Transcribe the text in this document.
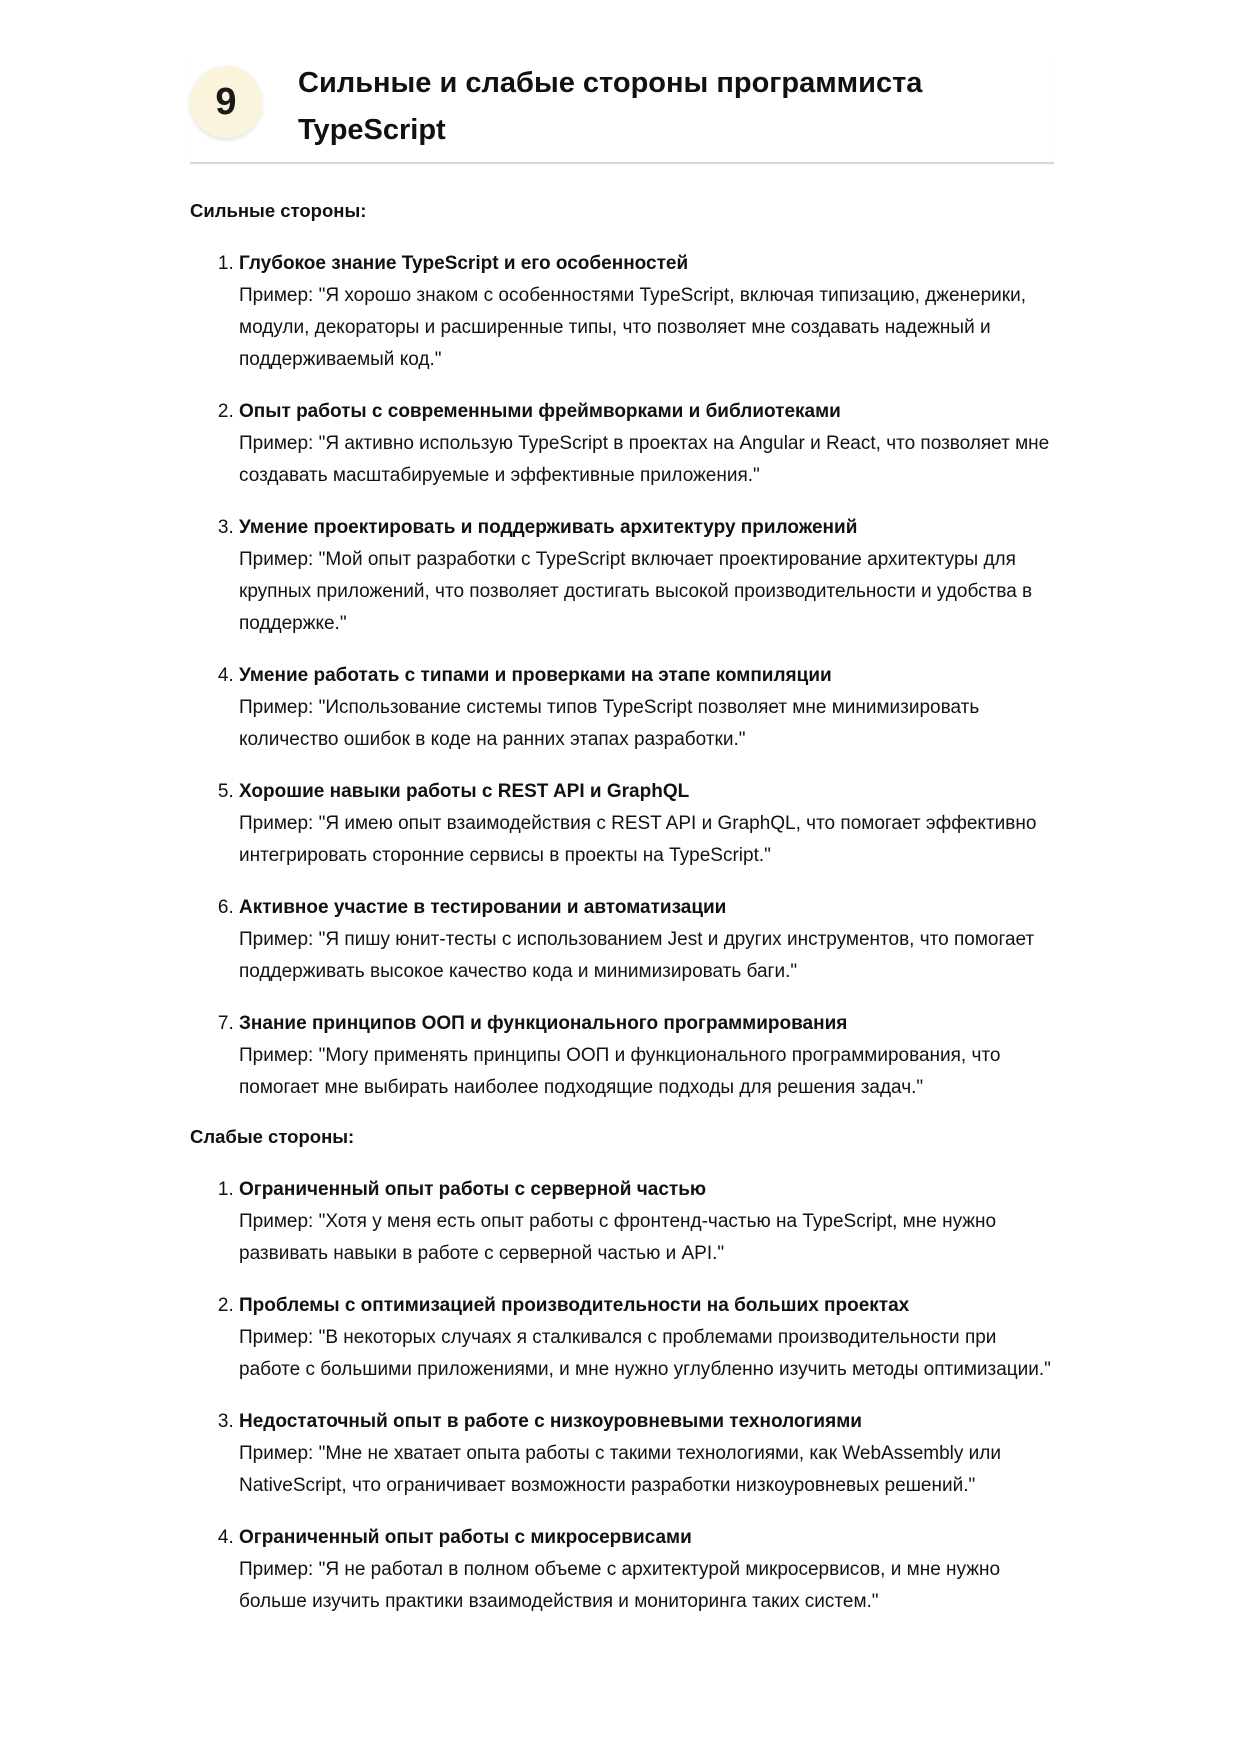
9	Сильные и слабые стороны программиста TypeScript

Сильные стороны:

1. Глубокое знание TypeScript и его особенностей
Пример: "Я хорошо знаком с особенностями TypeScript, включая типизацию, дженерики, модули, декораторы и расширенные типы, что позволяет мне создавать надежный и поддерживаемый код."
2. Опыт работы с современными фреймворками и библиотеками
Пример: "Я активно использую TypeScript в проектах на Angular и React, что позволяет мне создавать масштабируемые и эффективные приложения."
3. Умение проектировать и поддерживать архитектуру приложений
Пример: "Мой опыт разработки с TypeScript включает проектирование архитектуры для крупных приложений, что позволяет достигать высокой производительности и удобства в поддержке."
4. Умение работать с типами и проверками на этапе компиляции
Пример: "Использование системы типов TypeScript позволяет мне минимизировать количество ошибок в коде на ранних этапах разработки."
5. Хорошие навыки работы с REST API и GraphQL
Пример: "Я имею опыт взаимодействия с REST API и GraphQL, что помогает эффективно интегрировать сторонние сервисы в проекты на TypeScript."
6. Активное участие в тестировании и автоматизации
Пример: "Я пишу юнит-тесты с использованием Jest и других инструментов, что помогает поддерживать высокое качество кода и минимизировать баги."
7. Знание принципов ООП и функционального программирования
Пример: "Могу применять принципы ООП и функционального программирования, что помогает мне выбирать наиболее подходящие подходы для решения задач."

Слабые стороны:

1. Ограниченный опыт работы с серверной частью
Пример: "Хотя у меня есть опыт работы с фронтенд-частью на TypeScript, мне нужно развивать навыки в работе с серверной частью и API."
2. Проблемы с оптимизацией производительности на больших проектах
Пример: "В некоторых случаях я сталкивался с проблемами производительности при работе с большими приложениями, и мне нужно углубленно изучить методы оптимизации."
3. Недостаточный опыт в работе с низкоуровневыми технологиями
Пример: "Мне не хватает опыта работы с такими технологиями, как WebAssembly или NativeScript, что ограничивает возможности разработки низкоуровневых решений."
4. Ограниченный опыт работы с микросервисами
Пример: "Я не работал в полном объеме с архитектурой микросервисов, и мне нужно больше изучить практики взаимодействия и мониторинга таких систем."
